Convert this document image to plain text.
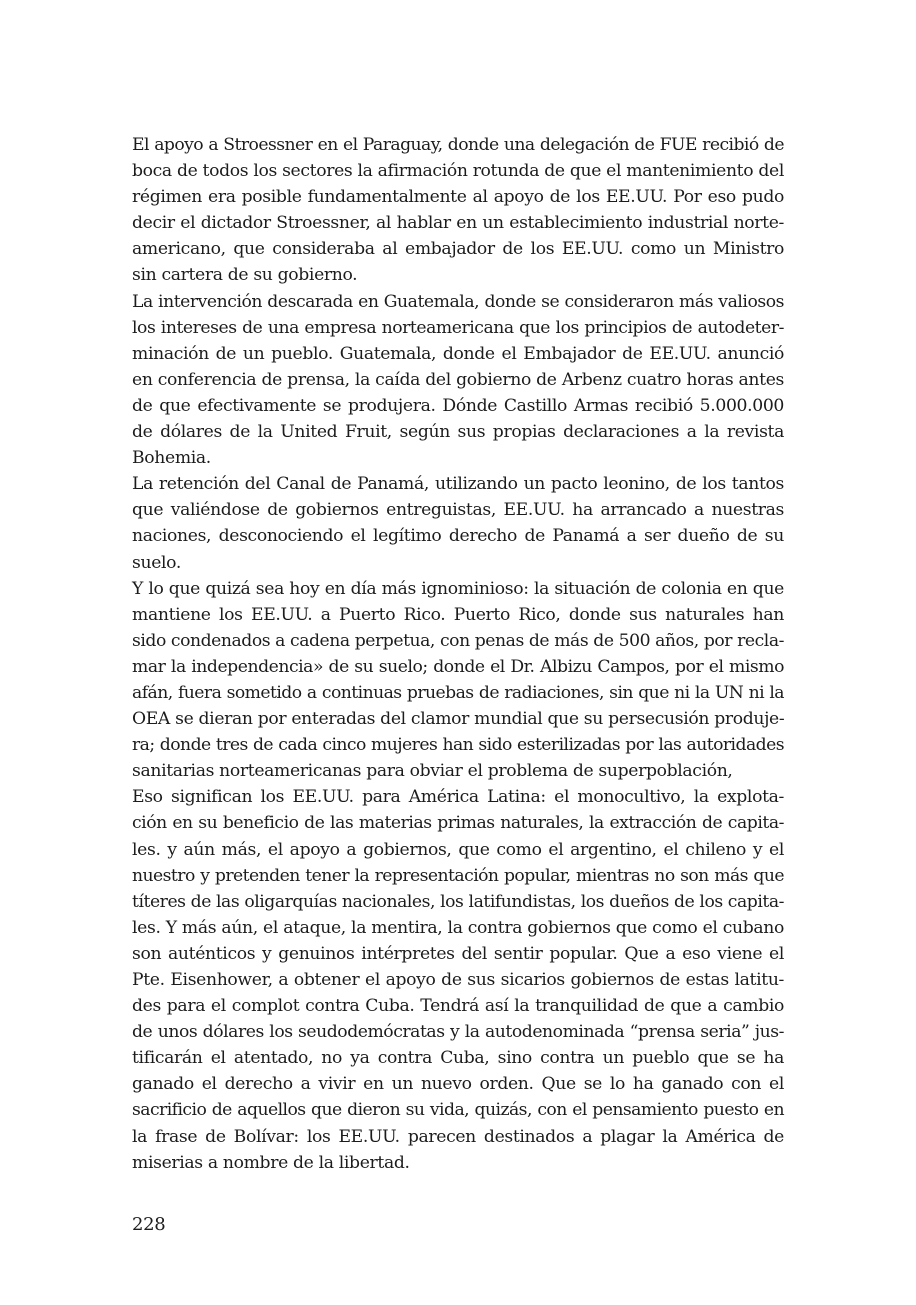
El apoyo a Stroessner en el Paraguay, donde una delegación de FUE recibió de
boca de todos los sectores la afirmación rotunda de que el mantenimiento del
régimen era posible fundamentalmente al apoyo de los EE.UU. Por eso pudo
decir el dictador Stroessner, al hablar en un establecimiento industrial norte-
americano, que consideraba al embajador de los EE.UU. como un Ministro
sin cartera de su gobierno.
La intervención descarada en Guatemala, donde se consideraron más valiosos
los intereses de una empresa norteamericana que los principios de autodeter-
minación de un pueblo. Guatemala, donde el Embajador de EE.UU. anunció
en conferencia de prensa, la caída del gobierno de Arbenz cuatro horas antes
de que efectivamente se produjera. Dónde Castillo Armas recibió 5.000.000
de dólares de la United Fruit, según sus propias declaraciones a la revista
Bohemia.
La retención del Canal de Panamá, utilizando un pacto leonino, de los tantos
que valiéndose de gobiernos entreguistas, EE.UU. ha arrancado a nuestras
naciones, desconociendo el legítimo derecho de Panamá a ser dueño de su
suelo.
Y lo que quizá sea hoy en día más ignominioso: la situación de colonia en que
mantiene los EE.UU. a Puerto Rico. Puerto Rico, donde sus naturales han
sido condenados a cadena perpetua, con penas de más de 500 años, por recla-
mar la independencia» de su suelo; donde el Dr. Albizu Campos, por el mismo
afán, fuera sometido a continuas pruebas de radiaciones, sin que ni la UN ni la
OEA se dieran por enteradas del clamor mundial que su persecusión produje-
ra; donde tres de cada cinco mujeres han sido esterilizadas por las autoridades
sanitarias norteamericanas para obviar el problema de superpoblación,
Eso significan los EE.UU. para América Latina: el monocultivo, la explota-
ción en su beneficio de las materias primas naturales, la extracción de capita-
les. y aún más, el apoyo a gobiernos, que como el argentino, el chileno y el
nuestro y pretenden tener la representación popular, mientras no son más que
títeres de las oligarquías nacionales, los latifundistas, los dueños de los capita-
les. Y más aún, el ataque, la mentira, la contra gobiernos que como el cubano
son auténticos y genuinos intérpretes del sentir popular. Que a eso viene el
Pte. Eisenhower, a obtener el apoyo de sus sicarios gobiernos de estas latitu-
des para el complot contra Cuba. Tendrá así la tranquilidad de que a cambio
de unos dólares los seudodemócratas y la autodenominada “prensa seria” jus-
tificarán el atentado, no ya contra Cuba, sino contra un pueblo que se ha
ganado el derecho a vivir en un nuevo orden. Que se lo ha ganado con el
sacrificio de aquellos que dieron su vida, quizás, con el pensamiento puesto en
la frase de Bolívar: los EE.UU. parecen destinados a plagar la América de
miserias a nombre de la libertad.
228
